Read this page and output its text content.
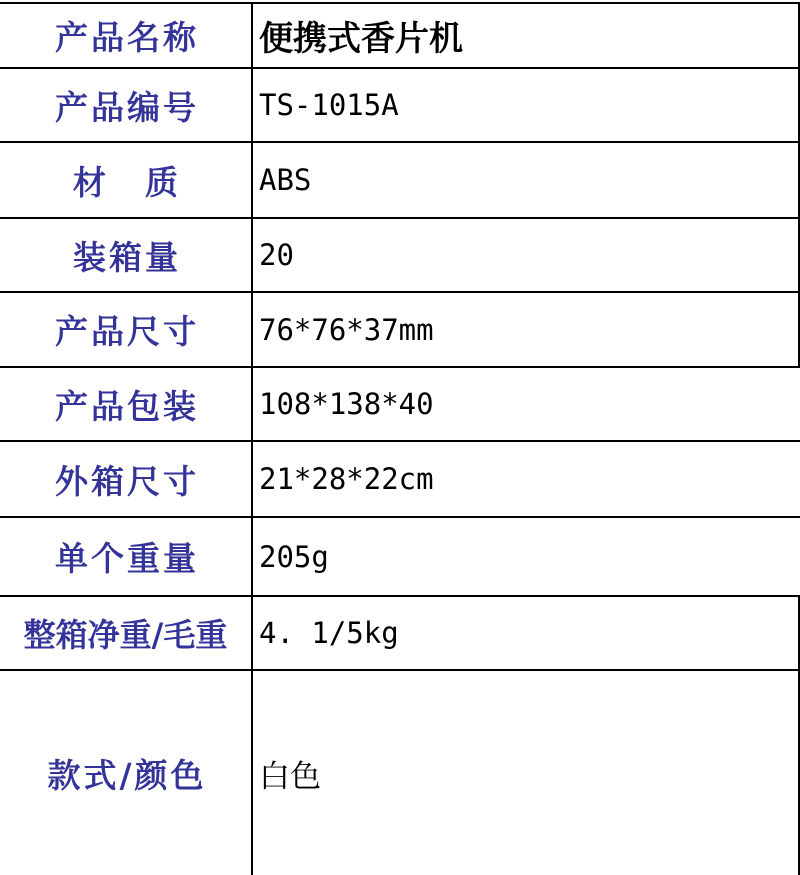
产品名称	便携式香片机
产品编号	TS-1015A
材　质	ABS
装箱量	20
产品尺寸	76*76*37mm
产品包装	108*138*40
外箱尺寸	21*28*22cm
单个重量	205g
整箱净重/毛重	4. 1/5kg
款式/颜色	白色
